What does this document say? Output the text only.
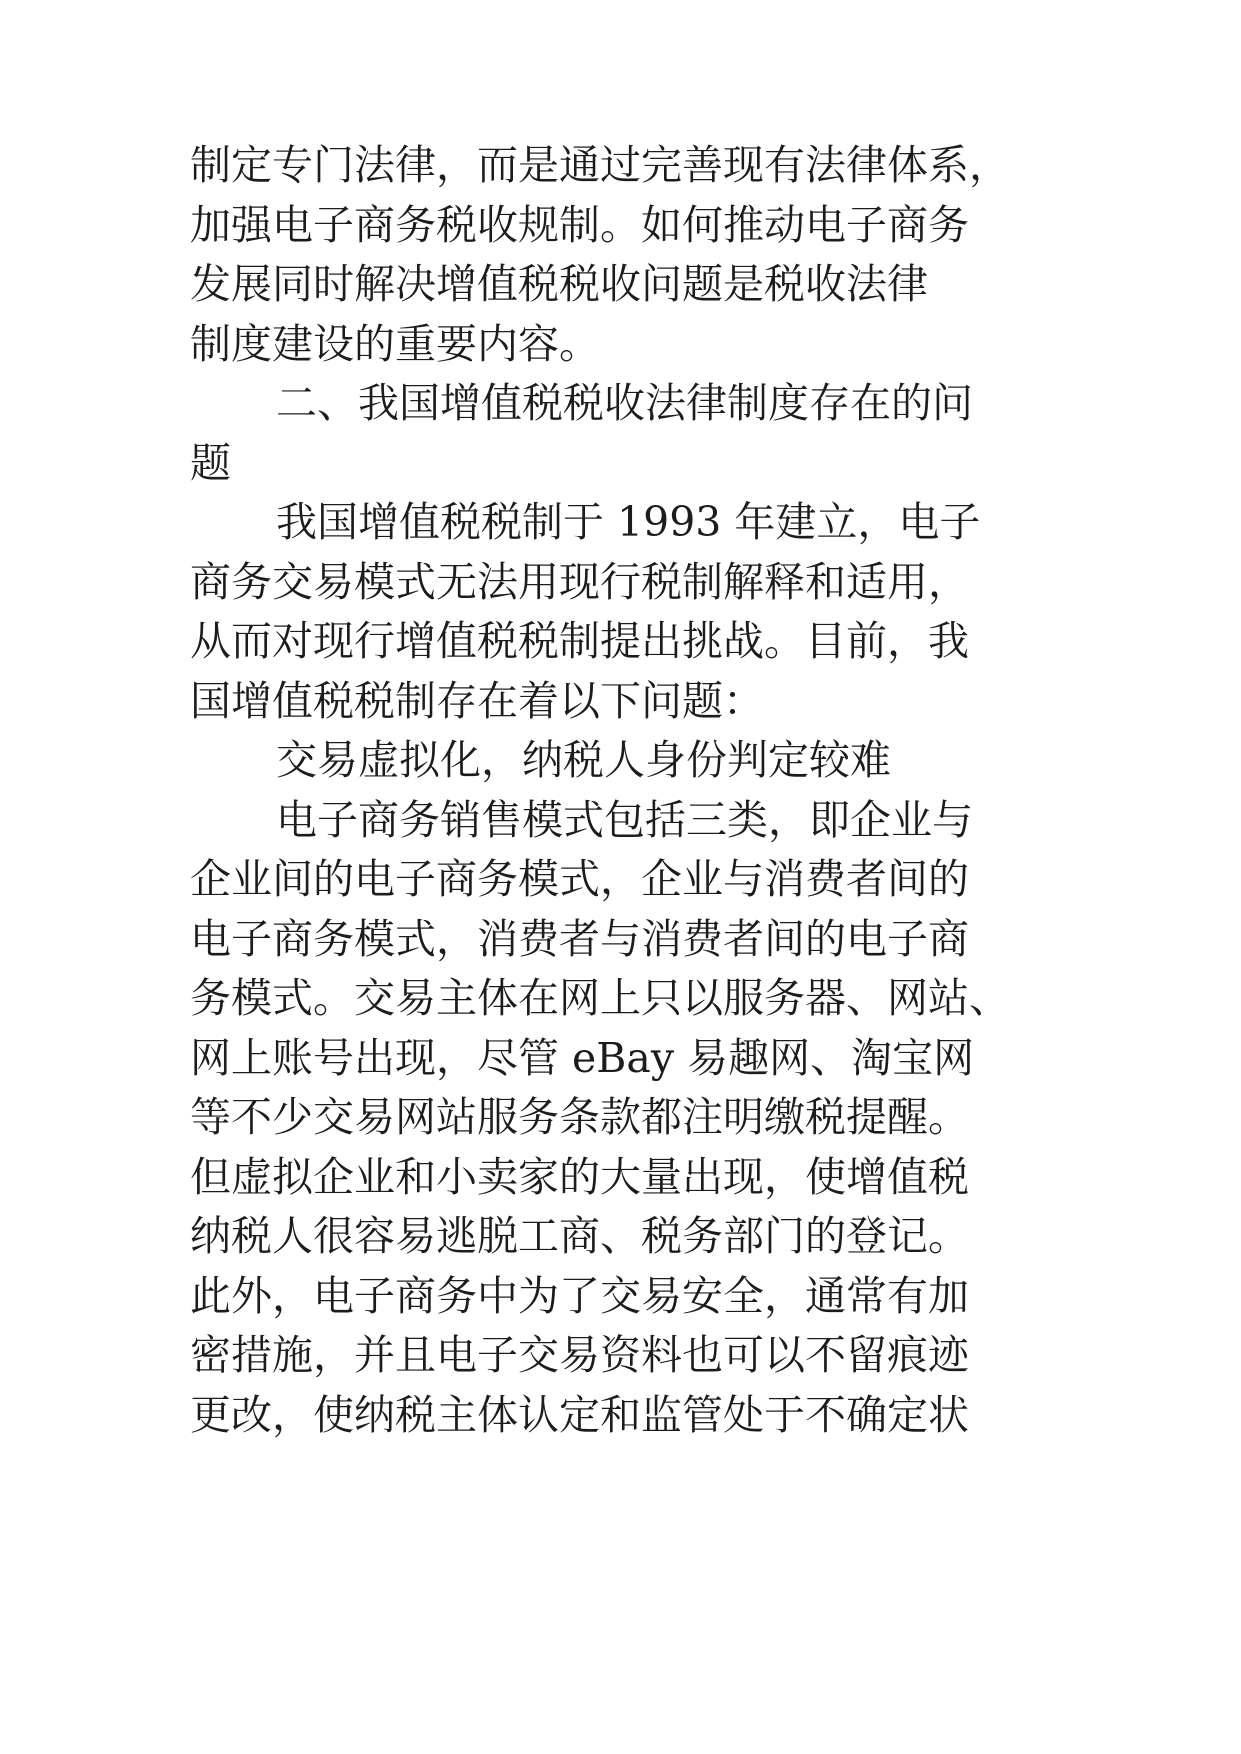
制定专门法律，而是通过完善现有法律体系，
加强电子商务税收规制。如何推动电子商务
发展同时解决增值税税收问题是税收法律
制度建设的重要内容。
二、我国增值税税收法律制度存在的问
题
我国增值税税制于 1993 年建立，电子
商务交易模式无法用现行税制解释和适用，
从而对现行增值税税制提出挑战。目前，我
国增值税税制存在着以下问题：
交易虚拟化，纳税人身份判定较难
电子商务销售模式包括三类，即企业与
企业间的电子商务模式，企业与消费者间的
电子商务模式，消费者与消费者间的电子商
务模式。交易主体在网上只以服务器、网站、
网上账号出现，尽管 eBay 易趣网、淘宝网
等不少交易网站服务条款都注明缴税提醒。
但虚拟企业和小卖家的大量出现，使增值税
纳税人很容易逃脱工商、税务部门的登记。
此外，电子商务中为了交易安全，通常有加
密措施，并且电子交易资料也可以不留痕迹
更改，使纳税主体认定和监管处于不确定状
